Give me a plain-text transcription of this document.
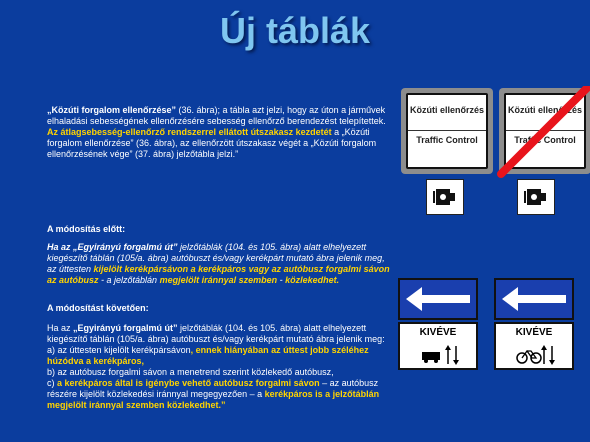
Új táblák
„Közúti forgalom ellenőrzése” (36. ábra); a tábla azt jelzi, hogy az úton a járművek elhaladási sebességének ellenőrzésére sebesség ellenőrző berendezést telepítettek. Az átlagsebesség-ellenőrző rendszerrel ellátott útszakasz kezdetét a „Közúti forgalom ellenőrzése” (36. ábra), az ellenőrzött útszakasz végét a „Közúti forgalom ellenőrzésének vége” (37. ábra) jelzőtábla jelzi.”
A módosítás előtt:
Ha az „Egyirányú forgalmú út” jelzőtáblák (104. és 105. ábra) alatt elhelyezett kiegészítő táblán (105/a. ábra) autóbuszt és/vagy kerékpárt mutató ábra jelenik meg, az úttesten kijelölt kerékpársávon a kerékpáros vagy az autóbusz forgalmi sávon az autóbusz - a jelzőtáblán megjelölt iránnyal szemben - közlekedhet.
A módosítást követően:
Ha az „Egyirányú forgalmú út” jelzőtáblák (104. és 105. ábra) alatt elhelyezett kiegészítő táblán (105/a. ábra) autóbuszt és/vagy kerékpárt mutató ábra jelenik meg:
a) az úttesten kijelölt kerékpársávon, ennek hiányában az úttest jobb széléhez húzódva a kerékpáros,
b) az autóbusz forgalmi sávon a menetrend szerint közlekedő autóbusz,
c) a kerékpáros által is igénybe vehető autóbusz forgalmi sávon – az autóbusz részére kijelölt közlekedési iránnyal megegyezően – a kerékpáros is a jelzőtáblán megjelölt iránnyal szemben közlekedhet.”
Közúti ellenőrzés
Traffic Control
Közúti ellenőrzés
Traffic Control
KIVÉVE	KIVÉVE
